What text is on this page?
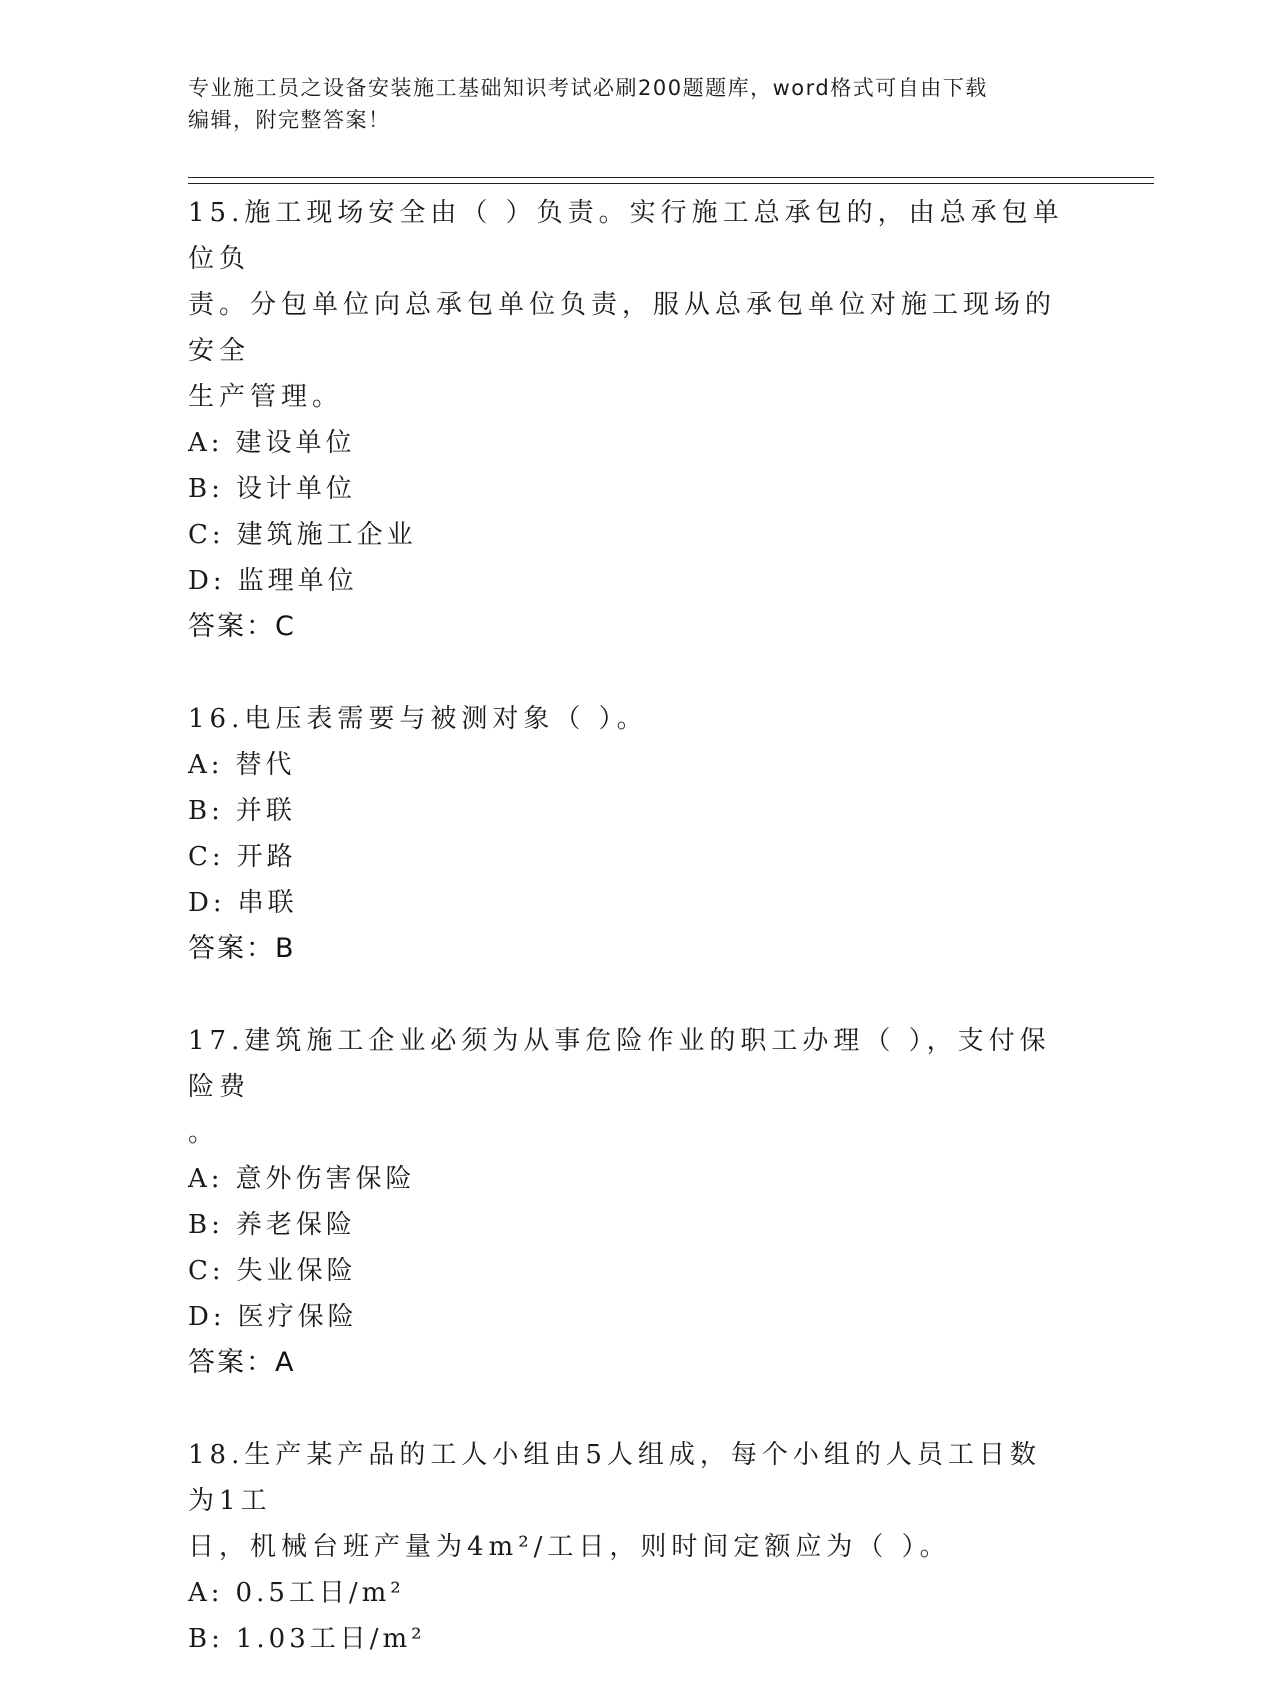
专业施工员之设备安装施工基础知识考试必刷200题题库，word格式可自由下载
编辑，附完整答案！

15.施工现场安全由（ ）负责。实行施工总承包的，由总承包单位负

责。分包单位向总承包单位负责，服从总承包单位对施工现场的安全

生产管理。

A: 建设单位
B: 设计单位
C: 建筑施工企业
D: 监理单位
答案：C

16.电压表需要与被测对象（ ）。

A: 替代
B: 并联
C: 开路
D: 串联
答案：B

17.建筑施工企业必须为从事危险作业的职工办理（ ），支付保险费

。

A: 意外伤害保险
B: 养老保险
C: 失业保险
D: 医疗保险
答案：A

18.生产某产品的工人小组由5人组成，每个小组的人员工日数为1工

日，机械台班产量为4m²/工日，则时间定额应为（ ）。

A: 0.5工日/m²
B: 1.03工日/m²
